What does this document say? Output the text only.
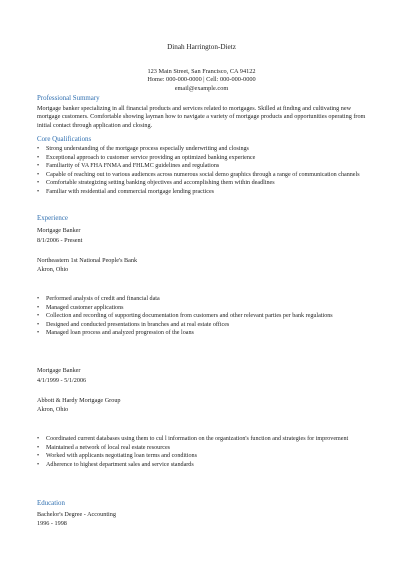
Dinah Harrington-Dietz
123 Main Street, San Francisco, CA 94122
Home: 000-000-0000 | Cell: 000-000-0000
email@example.com
Professional Summary
Mortgage banker specializing in all financial products and services related to mortgages. Skilled at finding and cultivating new mortgage customers. Comfortable showing layman how to navigate a variety of mortgage products and opportunities operating from initial contact through application and closing.
Core Qualifications
• Strong understanding of the mortgage process especially underwriting and closings
• Exceptional approach to customer service providing an optimized banking experience
• Familiarity of VA FHA FNMA and FHLMC guidelines and regulations
• Capable of reaching out to various audiences across numerous social demo graphics through a range of communication channels
• Comfortable strategizing setting banking objectives and accomplishing them within deadlines
• Familiar with residential and commercial mortgage lending practices
Experience
Mortgage Banker
8/1/2006 - Present
Northeastern 1st National People's Bank
Akron, Ohio
• Performed analysis of credit and financial data
• Managed customer applications
• Collection and recording of supporting documentation from customers and other relevant parties per bank regulations
• Designed and conducted presentations in branches and at real estate offices
• Managed loan process and analyzed progression of the loans
Mortgage Banker
4/1/1999 - 5/1/2006
Abbott & Hardy Mortgage Group
Akron, Ohio
• Coordinated current databases using them to cul l information on the organization's function and strategies for improvement
• Maintained a network of local real estate resources
• Worked with applicants negotiating loan terms and conditions
• Adherence to highest department sales and service standards
Education
Bachelor's Degree - Accounting
1996 - 1998
